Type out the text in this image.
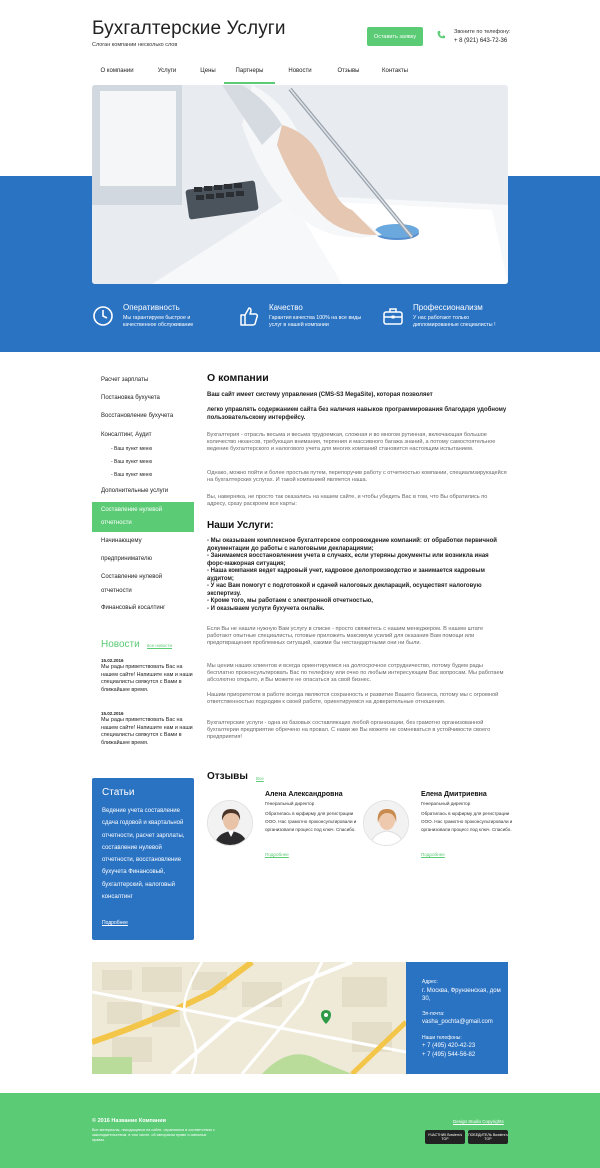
Бухгалтерские Услуги
Слоган компании несколько слов
Оставить заявку
Звоните по телефону:
+ 8 (921) 643-72-36
О компании	Услуги	Цены	Партнеры	Новости	Отзывы	Контакты
Оперативность
Мы гарантируем быстрое и качественное обслуживание
Качество
Гарантия качества 100% на все виды услуг в нашей компании
Профессионализм
У нас работают только дипломированные специалисты !
Расчет зарплаты
Постановка бухучета
Восстановление бухучета
Консалтинг, Аудит
- Ваш пункт меню
- Ваш пункт меню
- Ваш пункт меню
Дополнительные услуги
Составление нулевой
отчетности
Начинающему
предпринимателю
Составление нулевой
отчетности
Финансовый косалтинг
Новости все новости
15.02.2016
Мы рады приветствовать Вас на нашем сайте! Напишите нам и наши специалисты свяжутся с Вами в ближайшее время.
15.02.2016
Мы рады приветствовать Вас на нашем сайте! Напишите нам и наши специалисты свяжутся с Вами в ближайшее время.
Статьи
Ведение учета составление сдача годовой и квартальной отчетности, расчет зарплаты, составление нулевой отчетности, восстановление бухучета Финансовый, бухгалтерский, налоговый консалтинг
Подробнее
О компании
Ваш сайт имеет систему управления (CMS-S3 MegaSite), которая позволяет
легко управлять содержанием сайта без наличия навыков программирования благодаря удобному пользовательскому интерфейсу.
Бухгалтерия - отрасль весьма и весьма трудоемкая, сложная и во многом рутинная, включающая большое количество нюансов, требующая внимания, терпения и массивного багажа знаний, а потому самостоятельное ведение бухгалтерского и налогового учета для многих компаний становится настоящим испытанием.
Однако, можно пойти и более простым путем, перепоручив работу с отчетностью компании, специализирующейся на бухгалтерских услугах. И такой компанией является наша.
Вы, наверняка, не просто так оказались на нашем сайте, и чтобы убедить Вас в том, что Вы обратились по адресу, сразу раскроем все карты:
Наши Услуги:
- Мы оказываем комплексное бухгалтерское сопровождение компаний: от обработки первичной документации до работы с налоговыми декларациями;
- Занимаемся восстановлением учета в случаях, если утеряны документы или возникла иная форс-мажорная ситуация;
- Наша компания ведет кадровый учет, кадровое делопроизводство и занимается кадровым аудитом;
- У нас Вам помогут с подготовкой и сдачей налоговых деклараций, осуществят налоговую экспертизу.
- Кроме того, мы работаем с электронной отчетностью,
- И оказываем услуги бухучета онлайн.
Если Вы не нашли нужную Вам услугу в списке - просто свяжитесь с нашим менеджером. В нашем штате работают опытные специалисты, готовые приложить максимум усилий для оказания Вам помощи или предотвращения проблемных ситуаций, какими бы нестандартными они ни были.
Мы ценим наших клиентов и всегда ориентируемся на долгосрочное сотрудничество, потому будем рады бесплатно проконсультировать Вас по телефону или очно по любым интересующим Вас вопросам. Мы работаем абсолютно открыто, и Вы можете не опасаться за свой бизнес.
Нашим приоритетом в работе всегда являются сохранность и развитие Вашего бизнеса, потому мы с огромной ответственностью подходим к своей работе, ориентируемся на доверительные отношения.
Бухгалтерские услуги - одна из базовых составляющих любой организации, без грамотно организованной бухгалтерии предприятие обречено на провал. С нами же Вы можете не сомневаться в устойчивости своего предприятия!
Отзывы Все
Алена Александровна
Генеральный директор
Обратилась в юрфирму для регистрации ООО. Нас грамотно проконсультировали и организовали процесс под ключ. Спасибо.
Подробнее
Елена Дмитриевна
Генеральный директор
Обратилась в юрфирму для регистрации ООО. Нас грамотно проконсультировали и организовали процесс под ключ. Спасибо.
Подробнее
Адрес:
г. Москва, Фрунзенская, дом 30,
Эл-почта:
vasha_pochta@gmail.com
Наши телефоны:
+ 7 (495) 420-42-23
+ 7 (495) 544-56-82
© 2016 Название Компании
Все материалы, находящиеся на сайте, охраняются в соответствии с законодательством, в том числе, об авторском праве и смежных правах
Design Studio Copyrights
УЧАСТНИК Bowlers's TOP
ПОБЕДИТЕЛЬ Bowlers's TOP
